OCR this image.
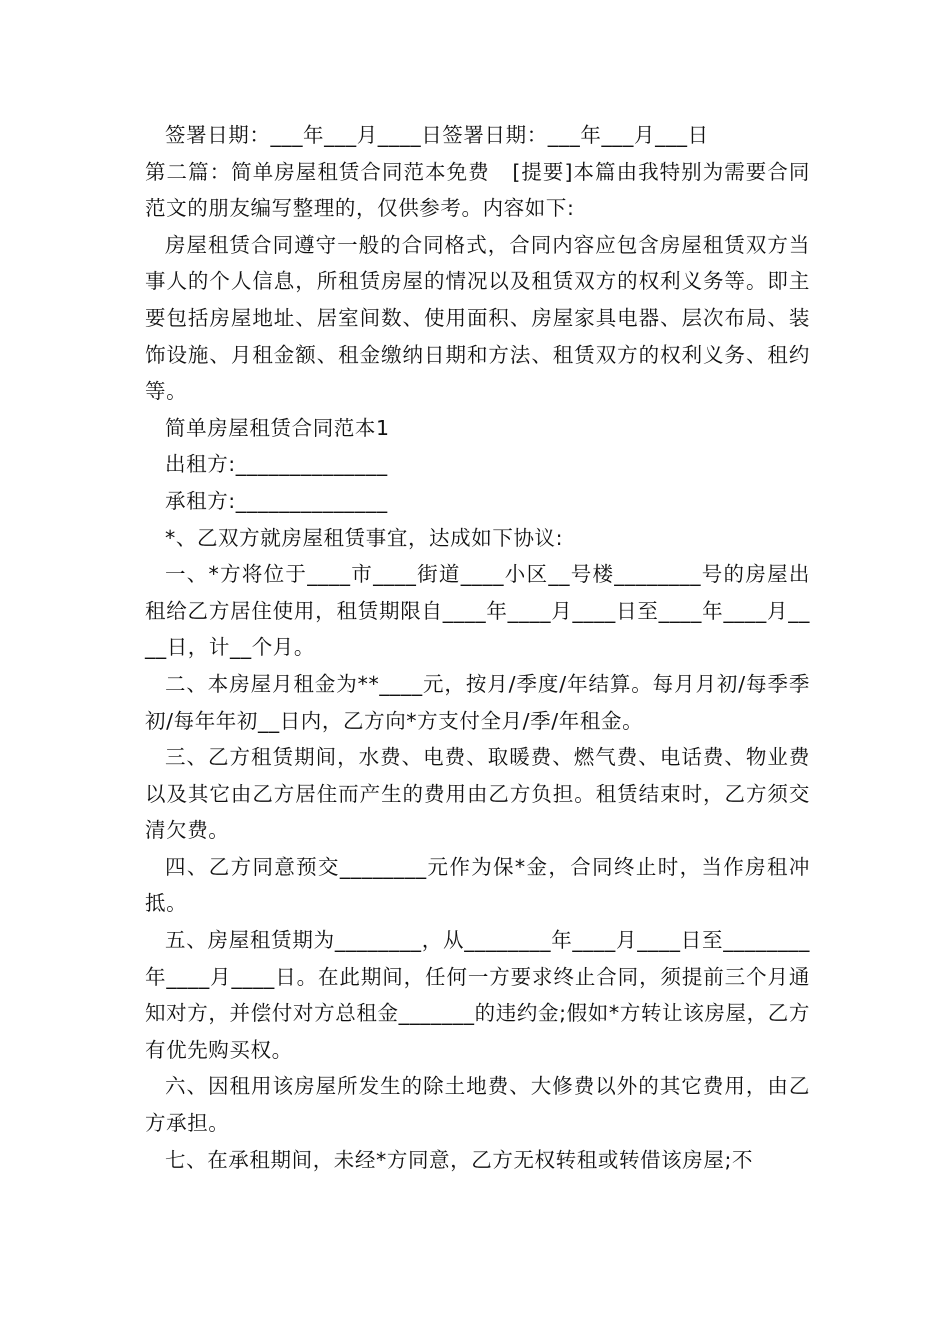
签署日期：___年___月____日签署日期：___年___月___日

第二篇：简单房屋租赁合同范本免费   [提要]本篇由我特别为需要合同范文的朋友编写整理的，仅供参考。内容如下:

房屋租赁合同遵守一般的合同格式，合同内容应包含房屋租赁双方当事人的个人信息，所租赁房屋的情况以及租赁双方的权利义务等。即主要包括房屋地址、居室间数、使用面积、房屋家具电器、层次布局、装饰设施、月租金额、租金缴纳日期和方法、租赁双方的权利义务、租约等。

简单房屋租赁合同范本1

出租方:______________

承租方:______________

*、乙双方就房屋租赁事宜，达成如下协议:

一、*方将位于____市____街道____小区__号楼________号的房屋出租给乙方居住使用，租赁期限自____年____月____日至____年____月____日，计__个月。

二、本房屋月租金为**____元，按月/季度/年结算。每月月初/每季季初/每年年初__日内，乙方向*方支付全月/季/年租金。

三、乙方租赁期间，水费、电费、取暖费、燃气费、电话费、物业费以及其它由乙方居住而产生的费用由乙方负担。租赁结束时，乙方须交清欠费。

四、乙方同意预交________元作为保*金，合同终止时，当作房租冲抵。

五、房屋租赁期为________，从________年____月____日至________年____月____日。在此期间，任何一方要求终止合同，须提前三个月通知对方，并偿付对方总租金_______的违约金;假如*方转让该房屋，乙方有优先购买权。

六、因租用该房屋所发生的除土地费、大修费以外的其它费用，由乙方承担。

七、在承租期间，未经*方同意，乙方无权转租或转借该房屋;不
